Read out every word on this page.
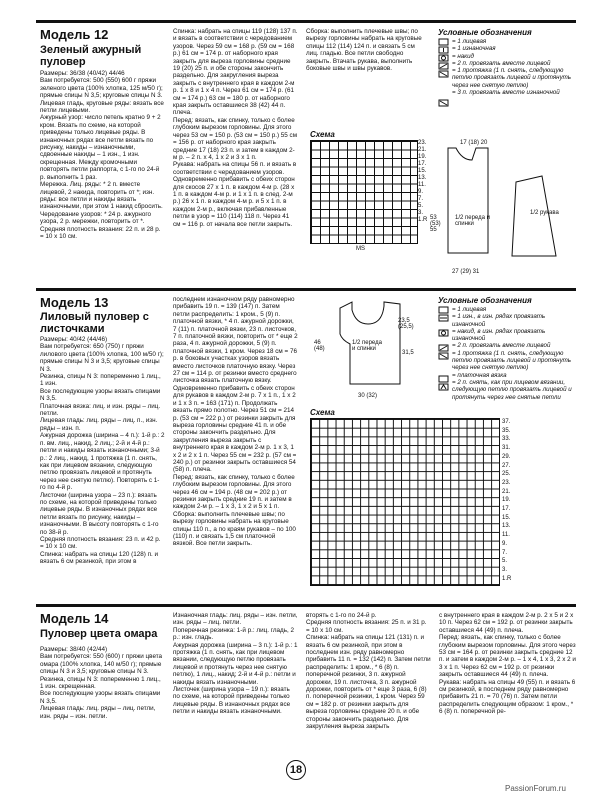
Модель 12
Зеленый ажурный пуловер
Размеры: 36/38 (40/42) 44/46
Вам потребуется: 500 (550) 600 г пряжи зеленого цвета (100% хлопка, 125 м/50 г); прямые спицы N 3,5; круговые спицы N 3.
Лицевая гладь, круговые ряды: вязать все петли лицевыми.
Ажурный узор: число петель кратно 9 + 2 кром. Вязать по схеме, на которой приведены только лицевые ряды. В изнаночных рядах все петли вязать по рисунку, накиды – изнаночными, сдвоенные накиды – 1 изн., 1 изн. скрещенная. Между кромочными повторять петли раппорта, с 1-го по 24-й р. выполнить 1 раз.
Мережка. Лиц. ряды: * 2 п. вместе лицевой, 2 накида, повторить от *; изн. ряды: все петли и накиды вязать изнаночными, при этом 1 накид сбросить.
Чередование узоров: * 24 р. ажурного узора, 2 р. мережки, повторить от *.
Средняя плотность вязания: 22 п. и 28 р. = 10 х 10 см.
Спинка: набрать на спицы 119 (128) 137 п. и вязать в соответствии с чередованием узоров. Через 59 см = 168 р. (59 см = 168 р.) 61 см = 174 р. от наборного края закрыть для выреза горловины средние 19 (20) 25 п. и обе стороны закончить раздельно. Для закругления выреза закрыть с внутреннего края в каждом 2-м р. 1 х 8 и 1 х 4 п. Через 61 см = 174 р. (61 см = 174 р.) 63 см = 180 р. от наборного края закрыть оставшиеся 38 (42) 44 п. плеча.
Перед: вязать, как спинку, только с более глубоким вырезом горловины. Для этого через 53 см = 150 р. (53 см = 150 р.) 55 см = 156 р. от наборного края закрыть средние 17 (18) 23 п. и затем в каждом 2-м р. – 2 п. х 4, 1 х 2 и 3 х 1 п.
Рукава: набрать на спицы 56 п. и вязать в соответствии с чередованием узоров. Одновременно прибавить с обеих сторон для скосов 27 х 1 п. в каждом 4-м р. (28 х 1 п. в каждом 4-м р. и 1 х 1 п. в след. 2-м р.) 26 х 1 п. в каждом 4-м р. и 5 х 1 п. в каждом 2-м р., включая прибавленные петли в узор = 110 (114) 118 п. Через 41 см = 116 р. от начала все петли закрыть.
Сборка: выполнить плечевые швы; по вырезу горловины набрать на круговые спицы 112 (114) 124 п. и связать 5 см лиц. гладью. Все петли свободно закрыть. Втачать рукава, выполнить боковые швы и швы рукавов.
Условные обозначения
= 1 лицевая
= 1 изнаночная
= накид
= 2 п. провязать вместе лицевой
= 1 протяжка (1 п. снять, следующую петлю провязать лицевой и протянуть через нее снятую петлю)
= 3 п. провязать вместе изнаночной
Схема
23.
21.
19.
17.
15.
13.
11.
9.
7.
5.
3.
1.R
MS
1/2 переда и спинки
1/2 рукава
27 (29) 31
17 (18) 20
53 (53) 55
Модель 13
Лиловый пуловер с листочками
Размеры: 40/42 (44/46)
Вам потребуется: 650 (750) г пряжи лилового цвета (100% хлопка, 100 м/50 г); прямые спицы N 3 и 3,5; круговые спицы N 3.
Резинка, спицы N 3: попеременно 1 лиц., 1 изн.
Все последующие узоры вязать спицами N 3,5.
Платочная вязка: лиц. и изн. ряды – лиц. петли.
Лицевая гладь: лиц. ряды – лиц. п., изн. ряды – изн. п.
Ажурная дорожка (ширина – 4 п.): 1-й р.: 2 п. вм. лиц., накид, 2 лиц.; 2-й и 4-й р.: петли и накиды вязать изнаночными; 3-й р.: 2 лиц., накид, 1 протяжка (1 п. снять, как при лицевом вязании, следующую петлю провязать лицевой и протянуть через нее снятую петлю). Повторять с 1-го по 4-й р.
Листочки (ширина узора – 23 п.): вязать по схеме, на которой приведены только лицевые ряды. В изнаночных рядах все петли вязать по рисунку, накиды – изнаночными. В высоту повторять с 1-го по 38-й р.
Средняя плотность вязания: 23 п. и 42 р. = 10 х 10 см.
Спинка: набрать на спицы 120 (128) п. и вязать 6 см резинкой, при этом в
последнем изнаночном ряду равномерно прибавить 19 п. = 139 (147) п. Затем петли распределить: 1 кром., 5 (9) п. платочной вязки, * 4 п. ажурной дорожки, 7 (11) п. платочной вязки, 23 п. листочков, 7 п. платочной вязки, повторить от * еще 2 раза, 4 п. ажурной дорожки, 5 (9) п. платочной вязки, 1 кром. Через 18 см = 76 р. в боковых участках узоров вязать вместо листочков платочную вязку. Через 27 см = 114 р. от резинки вместо среднего листочка вязать платочную вязку. Одновременно прибавить с обеих сторон для рукавов в каждом 2-м р. 7 х 1 п., 1 х 2 и 1 х 3 п. = 163 (171) п. Продолжать вязать прямо полотно. Через 51 см = 214 р. (53 см = 222 р.) от резинки закрыть для выреза горловины средние 41 п. и обе стороны закончить раздельно. Для закругления выреза закрыть с внутреннего края в каждом 2-м р. 1 х 3, 1 х 2 и 2 х 1 п. Через 55 см = 232 р. (57 см = 240 р.) от резинки закрыть оставшиеся 54 (58) п. плеча.
Перед: вязать, как спинку, только с более глубоким вырезом горловины. Для этого через 46 см = 194 р. (48 см = 202 р.) от резинки закрыть средние 19 п. и затем в каждом 2-м р. – 1 х 3, 1 х 2 и 5 х 1 п.
Сборка: выполнить плечевые швы; по вырезу горловины набрать на круговые спицы 110 п., а по краям рукавов – по 100 (110) п. и связать 1,5 см платочной вязкой. Все петли закрыть.
1/2 переда и спинки
23,5 (25,5)
46 (48)
31,5
30 (32)
Условные обозначения
= 1 лицевая
= 1 изн., в изн. рядах провязать изнаночной
= накид, в изн. рядах провязать изнаночной
= 2 п. провязать вместе лицевой
= 1 протяжка (1 п. снять, следующую петлю провязать лицевой и протянуть через нее снятую петлю)
= платочная вязка
= 2 п. снять, как при лицевом вязании, следующую петлю провязать лицевой и протянуть через нее снятые петли
Схема
37.
35.
33.
31.
29.
27.
25.
23.
21.
19.
17.
15.
13.
11.
9.
7.
5.
3.
1.R
Модель 14
Пуловер цвета омара
Размеры: 38/40 (42/44)
Вам потребуется: 550 (600) г пряжи цвета омара (100% хлопка, 140 м/50 г); прямые спицы N 3 и 3,5; круговые спицы N 3.
Резинка, спицы N 3: попеременно 1 лиц., 1 изн. скрещенная.
Все последующие узоры вязать спицами N 3,5.
Лицевая гладь: лиц. ряды – лиц. петли, изн. ряды – изн. петли.
Изнаночная гладь: лиц. ряды – изн. петли, изн. ряды – лиц. петли.
Поперечная резинка: 1-й р.: лиц. гладь, 2 р.: изн. гладь.
Ажурная дорожка (ширина – 3 п.): 1-й р.: 1 протяжка (1 п. снять, как при лицевом вязании, следующую петлю провязать лицевой и протянуть через нее снятую петлю), 1 лиц., накид; 2-й и 4-й р.: петли и накиды вязать изнаночными.
Листочек (ширина узора – 19 п.): вязать по схеме, на которой приведены только лицевые ряды. В изнаночных рядах все петли и накиды вязать изнаночными.
вторять с 1-го по 24-й р.
Средняя плотность вязания: 25 п. и 31 р. = 10 х 10 см.
Спинка: набрать на спицы 121 (131) п. и вязать 6 см резинкой, при этом в последнем изн. ряду равномерно прибавить 11 п. = 132 (142) п. Затем петли распределить: 1 кром., * 6 (8) п. поперечной резинки, 3 п. ажурной дорожки, 19 п. листочка, 3 п. ажурной дорожки, повторить от * еще 3 раза, 6 (8) п. поперечной резинки, 1 кром. Через 59 см = 182 р. от резинки закрыть для выреза горловины средние 20 п. и обе стороны закончить раздельно. Для закругления выреза закрыть
с внутреннего края в каждом 2-м р. 2 х 5 и 2 х 10 п. Через 62 см = 192 р. от резинки закрыть оставшиеся 44 (49) п. плеча.
Перед: вязать, как спинку, только с более глубоким вырезом горловины. Для этого через 53 см = 164 р. от резинки закрыть средние 12 п. и затем в каждом 2-м р. – 1 х 4, 1 х 3, 2 х 2 и 3 х 1 п. Через 62 см = 192 р. от резинки закрыть оставшиеся 44 (49) п. плеча.
Рукава: набрать на спицы 49 (55) п. и вязать 6 см резинкой, в последнем ряду равномерно прибавить 21 п. = 70 (76) п. Затем петли распределить следующим образом: 1 кром., * 6 (8) п. поперечной ре-
18
PassionForum.ru
